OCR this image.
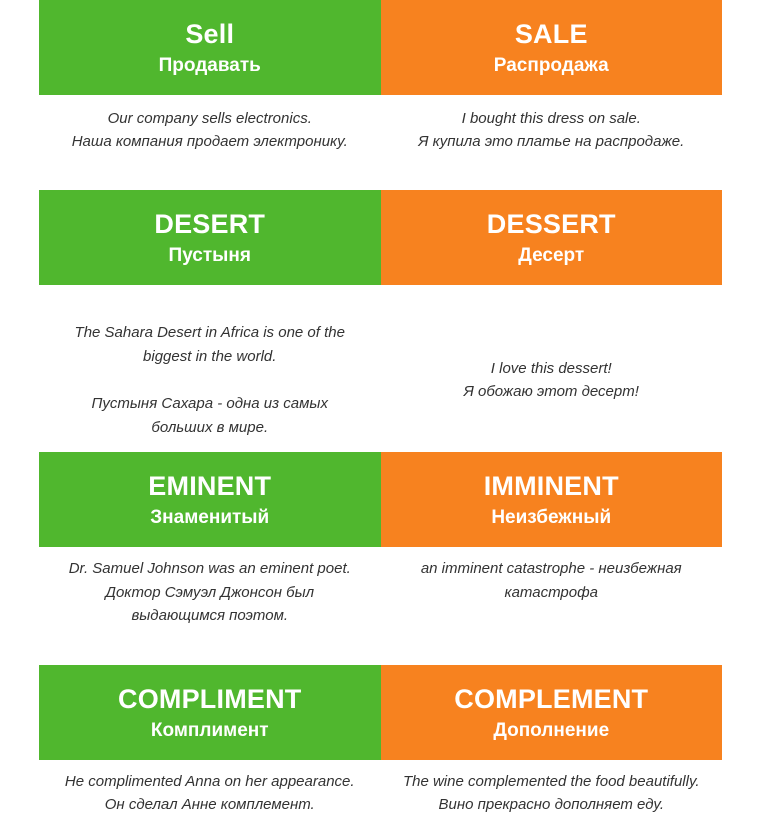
Sell
Продавать
SALE
Распродажа
Our company sells electronics.
Наша компания продает электронику.
I bought this dress on sale.
Я купила это платье на распродаже.
DESERT
Пустыня
DESSERT
Десерт
The Sahara Desert in Africa is one of the
biggest in the world.
Пустыня Сахара - одна из самых
больших в мире.
I love this dessert!
Я обожаю этот десерт!
EMINENT
Знаменитый
IMMINENT
Неизбежный
Dr. Samuel Johnson was an eminent poet.
Доктор Сэмуэл Джонсон был
выдающимся поэтом.
an imminent catastrophe - неизбежная
катастрофа
COMPLIMENT
Комплимент
COMPLEMENT
Дополнение
He complimented Anna on her appearance.
Он сделал Анне комплемент.
The wine complemented the food beautifully.
Вино прекрасно дополняет еду.
